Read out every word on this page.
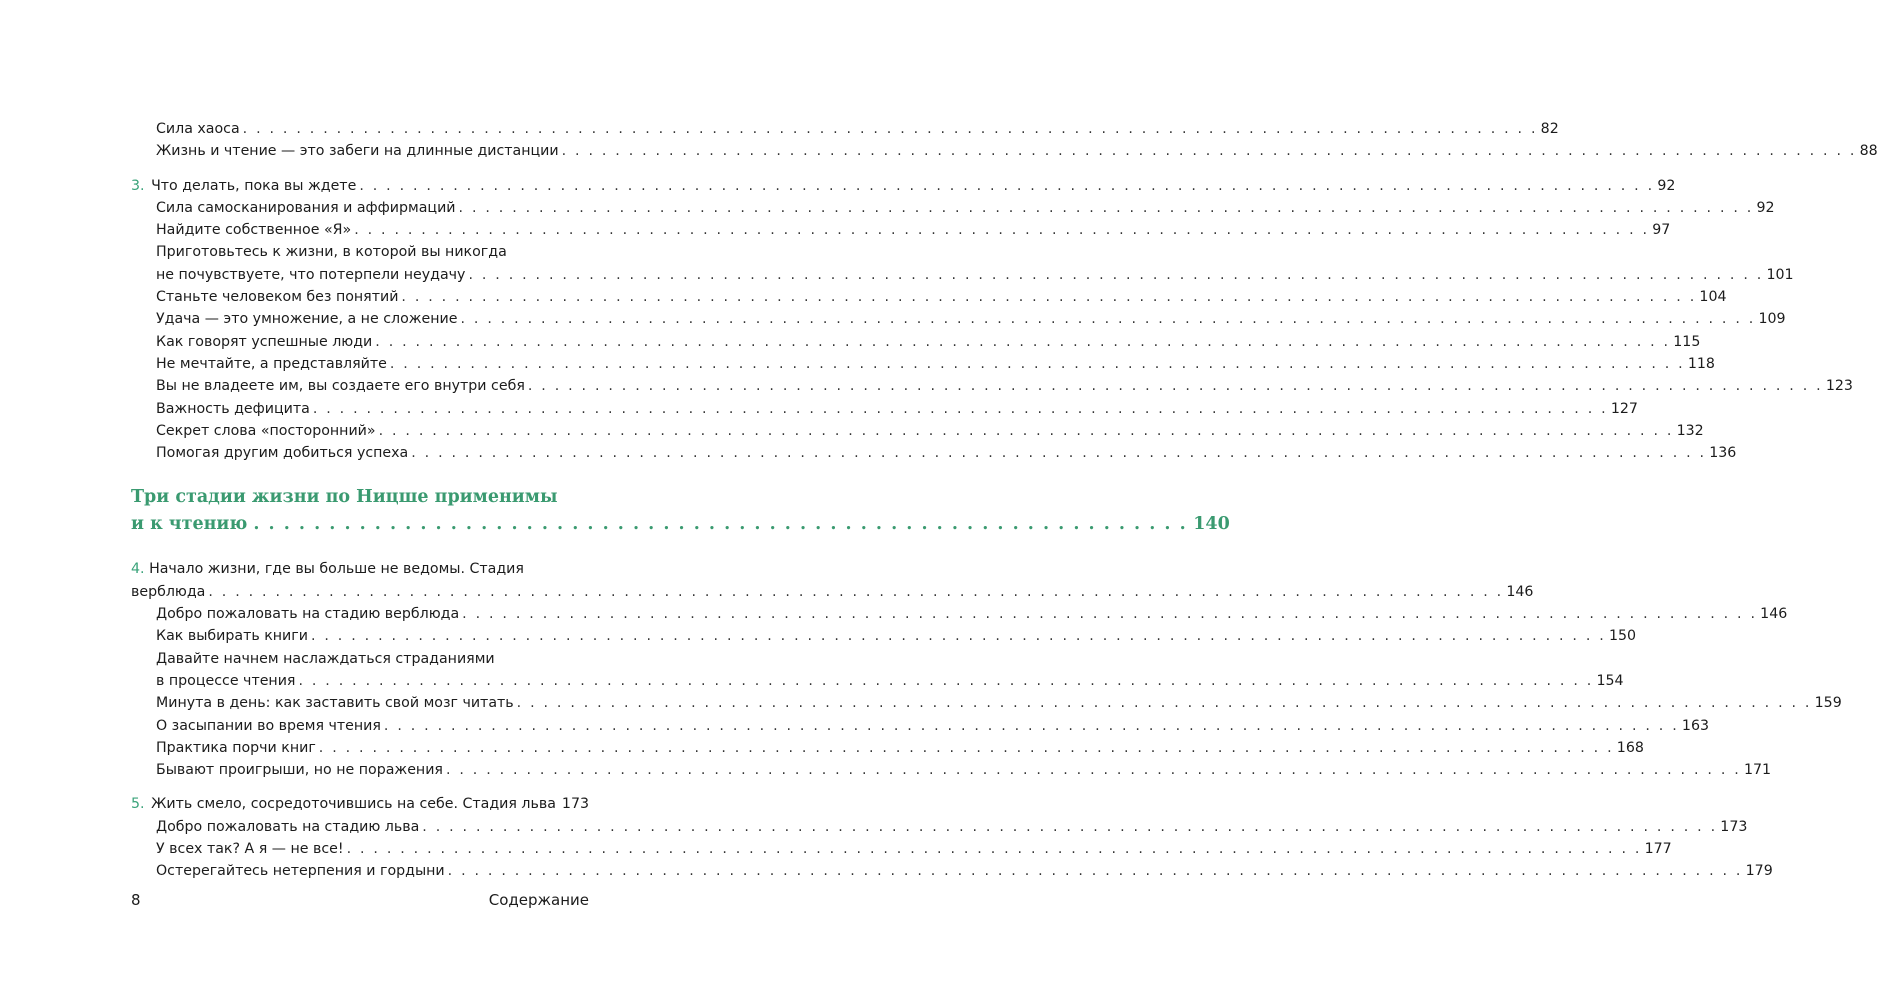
Сила хаоса . . .	82
Жизнь и чтение — это забеги на длинные дистанции . . .	88
3. Что делать, пока вы ждете . . .	92
Сила самосканирования и аффирмаций . . .	92
Найдите собственное «Я» . . .	97
Приготовьтесь к жизни, в которой вы никогда
не почувствуете, что потерпели неудачу . . .	101
Станьте человеком без понятий . . .	104
Удача — это умножение, а не сложение . . .	109
Как говорят успешные люди . . .	115
Не мечтайте, а представляйте . . .	118
Вы не владеете им, вы создаете его внутри себя . . .	123
Важность дефицита . . .	127
Секрет слова «посторонний» . . .	132
Помогая другим добиться успеха . . .	136
Три стадии жизни по Ницше применимы
и к чтению . . .	140
4. Начало жизни, где вы больше не ведомы. Стадия
верблюда . . .	146
Добро пожаловать на стадию верблюда . . .	146
Как выбирать книги . . .	150
Давайте начнем наслаждаться страданиями
в процессе чтения . . .	154
Минута в день: как заставить свой мозг читать . . .	159
О засыпании во время чтения . . .	163
Практика порчи книг . . .	168
Бывают проигрыши, но не поражения . . .	171
5. Жить смело, сосредоточившись на себе. Стадия льва 173
Добро пожаловать на стадию льва . . .	173
У всех так? А я — не все! . . .	177
Остерегайтесь нетерпения и гордыни . . .	179
8	Содержание
